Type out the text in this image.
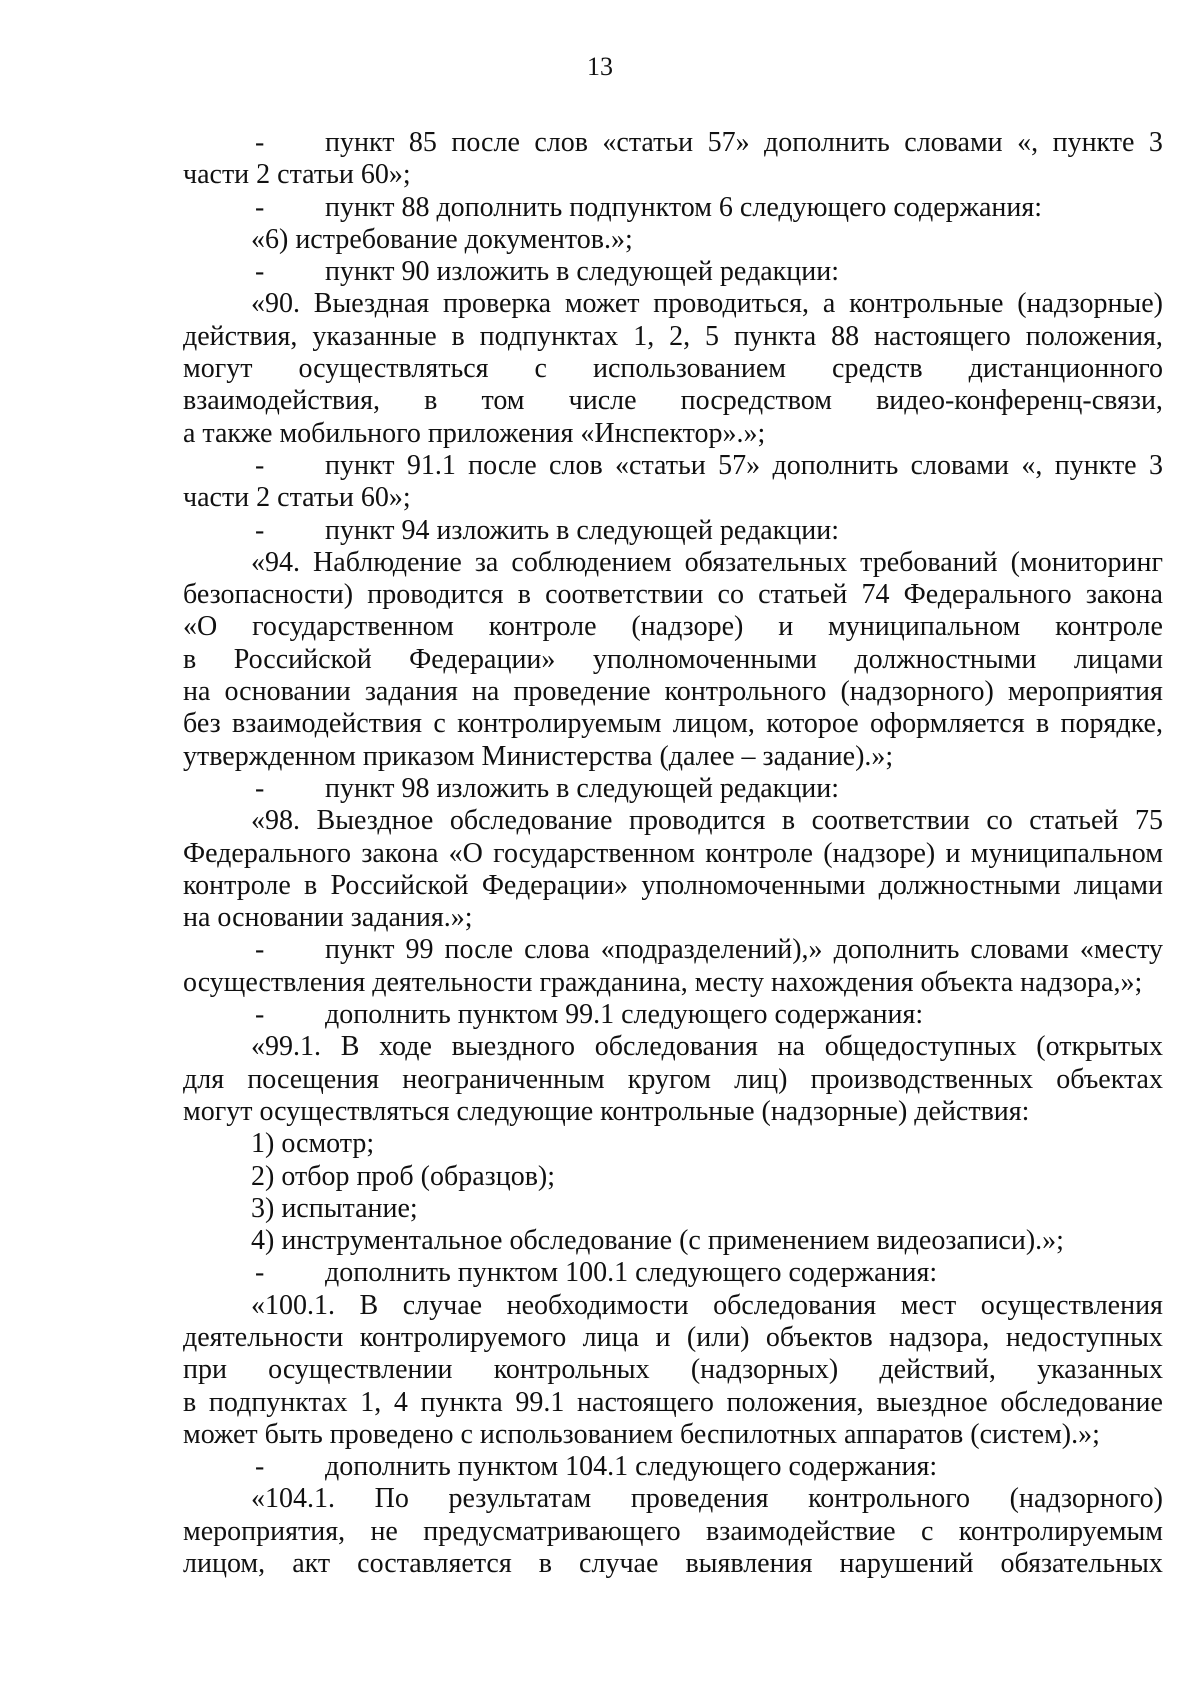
13
- пункт 85 после слов «статьи 57» дополнить словами «, пункте 3
части 2 статьи 60»;
-	пункт 88 дополнить подпунктом 6 следующего содержания:
«6) истребование документов.»;
-	пункт 90 изложить в следующей редакции:
«90. Выездная проверка может проводиться, а контрольные (надзорные)
действия, указанные в подпунктах 1, 2, 5 пункта 88 настоящего положения,
могут осуществляться с использованием средств дистанционного
взаимодействия, в том числе посредством видео-конференц-связи,
а также мобильного приложения «Инспектор».»;
- пункт 91.1 после слов «статьи 57» дополнить словами «, пункте 3
части 2 статьи 60»;
-	пункт 94 изложить в следующей редакции:
«94. Наблюдение за соблюдением обязательных требований (мониторинг
безопасности) проводится в соответствии со статьей 74 Федерального закона
«О государственном контроле (надзоре) и муниципальном контроле
в Российской Федерации» уполномоченными должностными лицами
на основании задания на проведение контрольного (надзорного) мероприятия
без взаимодействия с контролируемым лицом, которое оформляется в порядке,
утвержденном приказом Министерства (далее – задание).»;
-	пункт 98 изложить в следующей редакции:
«98. Выездное обследование проводится в соответствии со статьей 75
Федерального закона «О государственном контроле (надзоре) и муниципальном
контроле в Российской Федерации» уполномоченными должностными лицами
на основании задания.»;
- пункт 99 после слова «подразделений),» дополнить словами «месту
осуществления деятельности гражданина, месту нахождения объекта надзора,»;
-	дополнить пунктом 99.1 следующего содержания:
«99.1. В ходе выездного обследования на общедоступных (открытых
для посещения неограниченным кругом лиц) производственных объектах
могут осуществляться следующие контрольные (надзорные) действия:
1) осмотр;
2) отбор проб (образцов);
3) испытание;
4) инструментальное обследование (с применением видеозаписи).»;
-	дополнить пунктом 100.1 следующего содержания:
«100.1. В случае необходимости обследования мест осуществления
деятельности контролируемого лица и (или) объектов надзора, недоступных
при осуществлении контрольных (надзорных) действий, указанных
в подпунктах 1, 4 пункта 99.1 настоящего положения, выездное обследование
может быть проведено с использованием беспилотных аппаратов (систем).»;
-	дополнить пунктом 104.1 следующего содержания:
«104.1. По результатам проведения контрольного (надзорного)
мероприятия, не предусматривающего взаимодействие с контролируемым
лицом, акт составляется в случае выявления нарушений обязательных
